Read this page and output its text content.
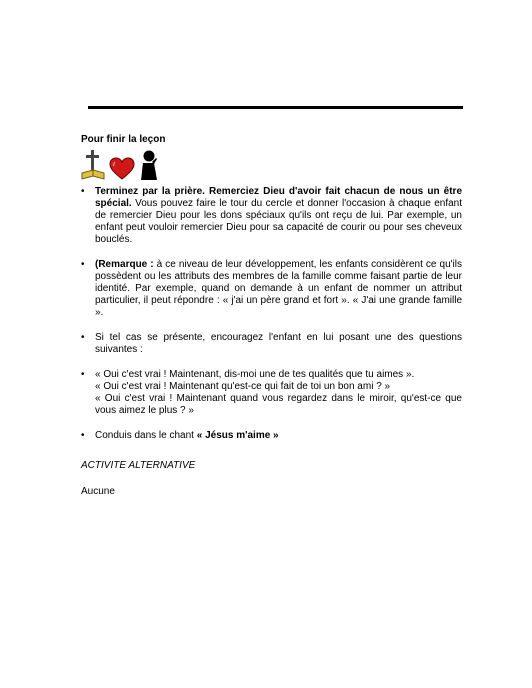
Pour finir la leçon

• Terminez par la prière. Remerciez Dieu d'avoir fait chacun de nous un être spécial. Vous pouvez faire le tour du cercle et donner l'occasion à chaque enfant de remercier Dieu pour les dons spéciaux qu'ils ont reçu de lui. Par exemple, un enfant peut vouloir remercier Dieu pour sa capacité de courir ou pour ses cheveux bouclés.
• (Remarque : à ce niveau de leur développement, les enfants considèrent ce qu'ils possèdent ou les attributs des membres de la famille comme faisant partie de leur identité. Par exemple, quand on demande à un enfant de nommer un attribut particulier, il peut répondre : « j'ai un père grand et fort ». « J'ai une grande famille ».
• Si tel cas se présente, encouragez l'enfant en lui posant une des questions suivantes :
• « Oui c'est vrai ! Maintenant, dis-moi une de tes qualités que tu aimes ».
« Oui c'est vrai ! Maintenant qu'est-ce qui fait de toi un bon ami ? »
« Oui c'est vrai ! Maintenant quand vous regardez dans le miroir, qu'est-ce que vous aimez le plus ? »
• Conduis dans le chant « Jésus m'aime »

ACTIVITE ALTERNATIVE

Aucune
